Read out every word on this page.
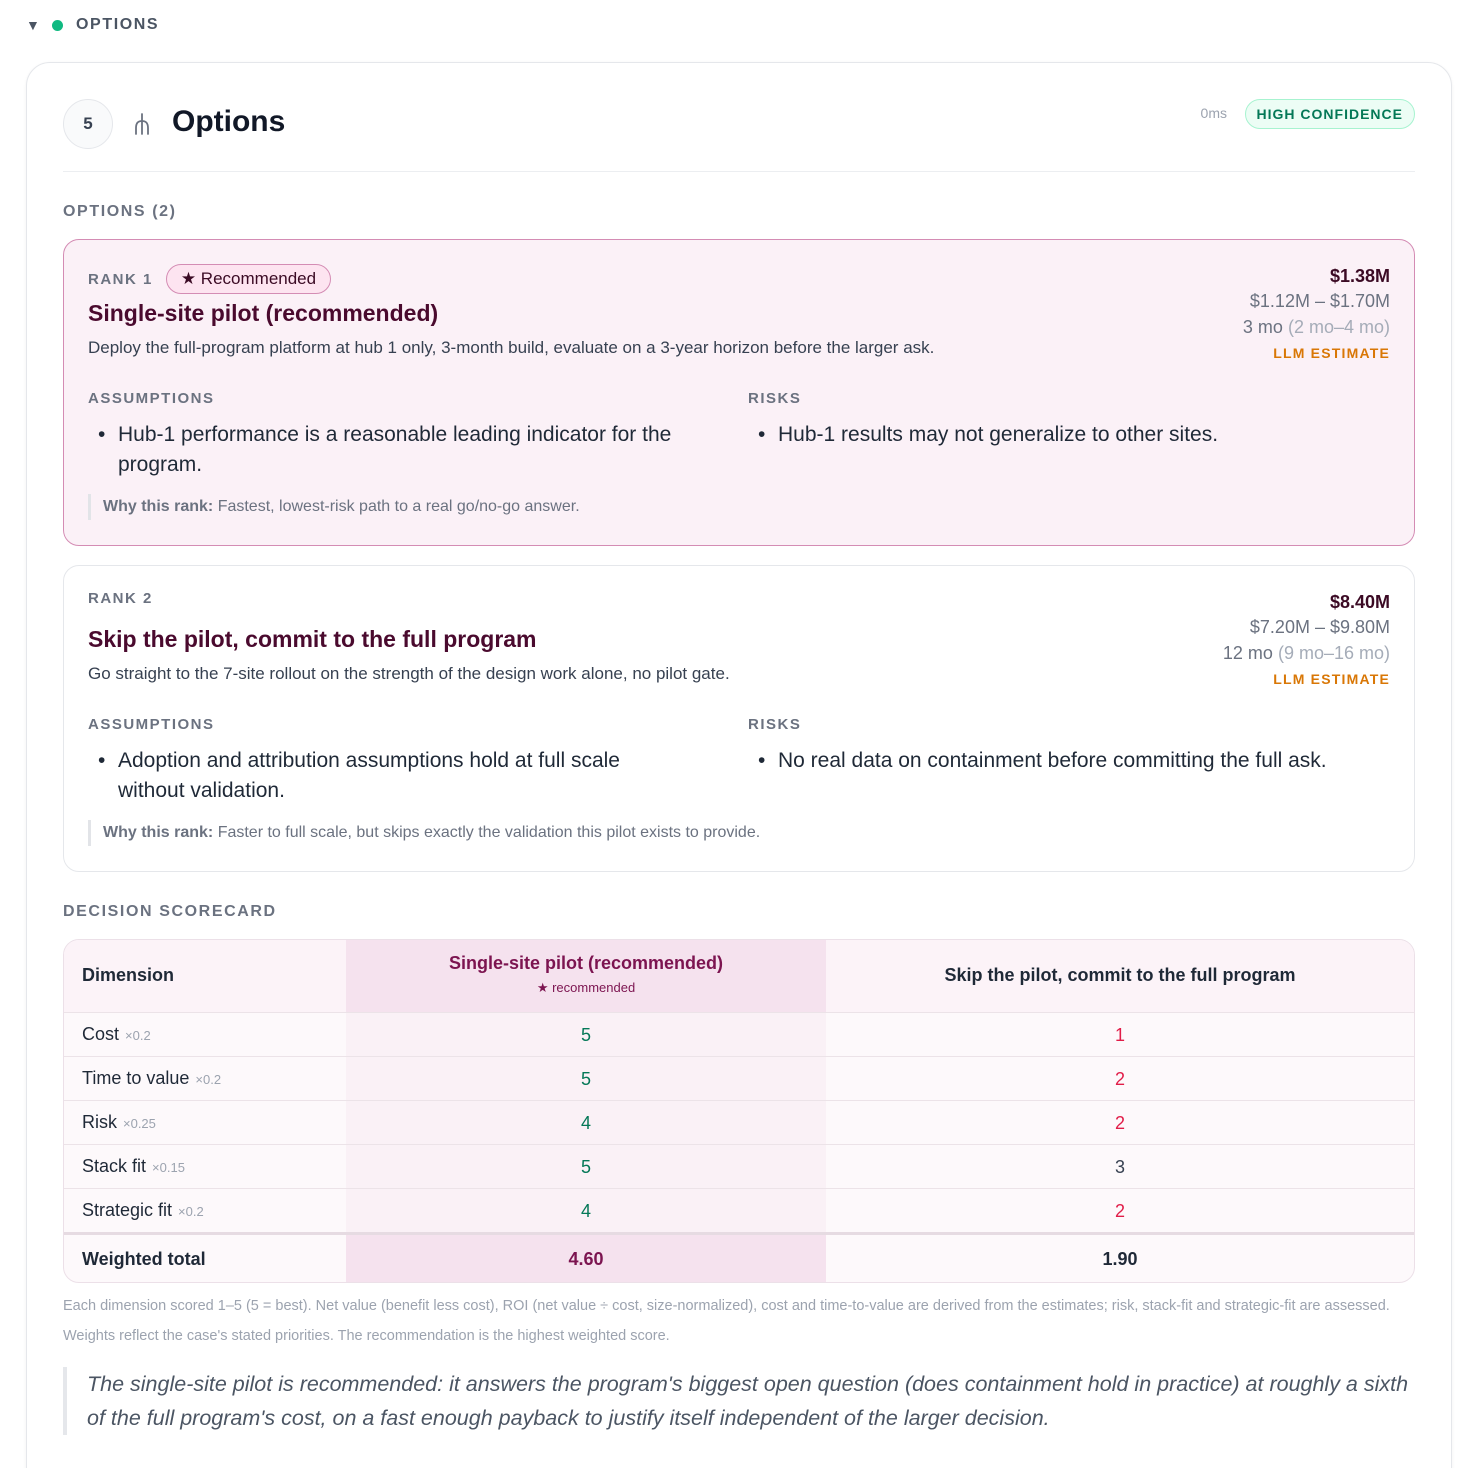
▼ OPTIONS
5	Options	0ms	HIGH CONFIDENCE
OPTIONS (2)
RANK 1	★ Recommended
Single-site pilot (recommended)
Deploy the full-program platform at hub 1 only, 3-month build, evaluate on a 3-year horizon before the larger ask.
$1.38M
$1.12M – $1.70M
3 mo (2 mo–4 mo)
LLM ESTIMATE
ASSUMPTIONS	RISKS
• Hub-1 performance is a reasonable leading indicator for the
program.
• Hub-1 results may not generalize to other sites.
Why this rank: Fastest, lowest-risk path to a real go/no-go answer.
RANK 2
Skip the pilot, commit to the full program
Go straight to the 7-site rollout on the strength of the design work alone, no pilot gate.
$8.40M
$7.20M – $9.80M
12 mo (9 mo–16 mo)
LLM ESTIMATE
ASSUMPTIONS	RISKS
• Adoption and attribution assumptions hold at full scale
without validation.
• No real data on containment before committing the full ask.
Why this rank: Faster to full scale, but skips exactly the validation this pilot exists to provide.
DECISION SCORECARD
Dimension
Single-site pilot (recommended)
★ recommended
Skip the pilot, commit to the full program
Cost ×0.2	5	1
Time to value ×0.2	5	2
Risk ×0.25	4	2
Stack fit ×0.15	5	3
Strategic fit ×0.2	4	2
Weighted total	4.60	1.90
Each dimension scored 1–5 (5 = best). Net value (benefit less cost), ROI (net value ÷ cost, size-normalized), cost and time-to-value are derived from the estimates; risk, stack-fit and strategic-fit are assessed. Weights reflect the case's stated priorities. The recommendation is the highest weighted score.
The single-site pilot is recommended: it answers the program's biggest open question (does containment hold in practice) at roughly a sixth of the full program's cost, on a fast enough payback to justify itself independent of the larger decision.
